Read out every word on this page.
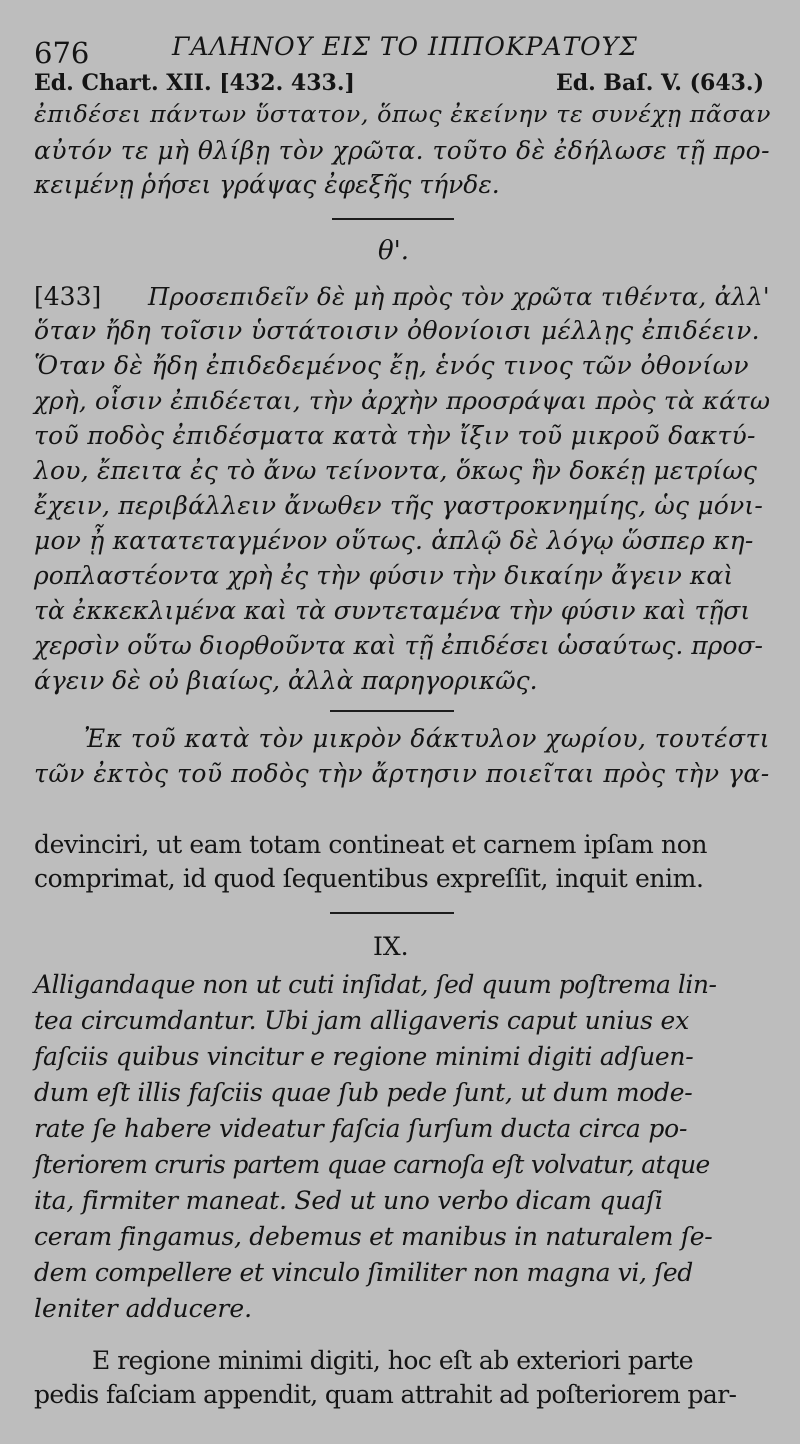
676	ΓΑΛΗΝΟΥ ΕΙΣ ΤΟ ΙΠΠΟΚΡΑΤΟΥΣ
Ed. Chart. XII. [432. 433.]	Ed. Baſ. V. (643.)
ἐπιδέσει πάντων ὕστατον, ὅπως ἐκείνην τε συνέχῃ πᾶσαν
αὐτόν τε μὴ θλίβῃ τὸν χρῶτα. τοῦτο δὲ ἐδήλωσε τῇ προ-
κειμένῃ ῥήσει γράψας ἐφεξῆς τήνδε.
θ'.
[433] Προσεπιδεῖν δὲ μὴ πρὸς τὸν χρῶτα τιθέντα, ἀλλ'
ὅταν ἤδη τοῖσιν ὑστάτοισιν ὀθονίοισι μέλλῃς ἐπιδέειν.
Ὅταν δὲ ἤδη ἐπιδεδεμένος ἔῃ, ἑνός τινος τῶν ὀθονίων
χρὴ, οἷσιν ἐπιδέεται, τὴν ἀρχὴν προσράψαι πρὸς τὰ κάτω
τοῦ ποδὸς ἐπιδέσματα κατὰ τὴν ἴξιν τοῦ μικροῦ δακτύ-
λου, ἔπειτα ἐς τὸ ἄνω τείνοντα, ὅκως ἣν δοκέῃ μετρίως
ἔχειν, περιβάλλειν ἄνωθεν τῆς γαστροκνημίης, ὡς μόνι-
μον ᾖ κατατεταγμένον οὕτως. ἁπλῷ δὲ λόγῳ ὥσπερ κη-
ροπλαστέοντα χρὴ ἐς τὴν φύσιν τὴν δικαίην ἄγειν καὶ
τὰ ἐκκεκλιμένα καὶ τὰ συντεταμένα τὴν φύσιν καὶ τῇσι
χερσὶν οὕτω διορθοῦντα καὶ τῇ ἐπιδέσει ὡσαύτως. προσ-
άγειν δὲ οὐ βιαίως, ἀλλὰ παρηγορικῶς.
Ἐκ τοῦ κατὰ τὸν μικρὸν δάκτυλον χωρίου, τουτέστι
τῶν ἐκτὸς τοῦ ποδὸς τὴν ἄρτησιν ποιεῖται πρὸς τὴν γα-
devinciri, ut eam totam contineat et carnem ipſam non
comprimat, id quod ſequentibus expreſſit, inquit enim.
IX.
Alligandaque non ut cuti inſidat, ſed quum poſtrema lin-
tea circumdantur. Ubi jam alligaveris caput unius ex
faſciis quibus vincitur e regione minimi digiti adſuen-
dum eſt illis faſciis quae ſub pede ſunt, ut dum mode-
rate ſe habere videatur faſcia ſurſum ducta circa po-
ſteriorem cruris partem quae carnoſa eſt volvatur, atque
ita, firmiter maneat. Sed ut uno verbo dicam quaſi
ceram fingamus, debemus et manibus in naturalem ſe-
dem compellere et vinculo ſimiliter non magna vi, ſed
leniter adducere.
E regione minimi digiti, hoc eſt ab exteriori parte
pedis faſciam appendit, quam attrahit ad poſteriorem par-
